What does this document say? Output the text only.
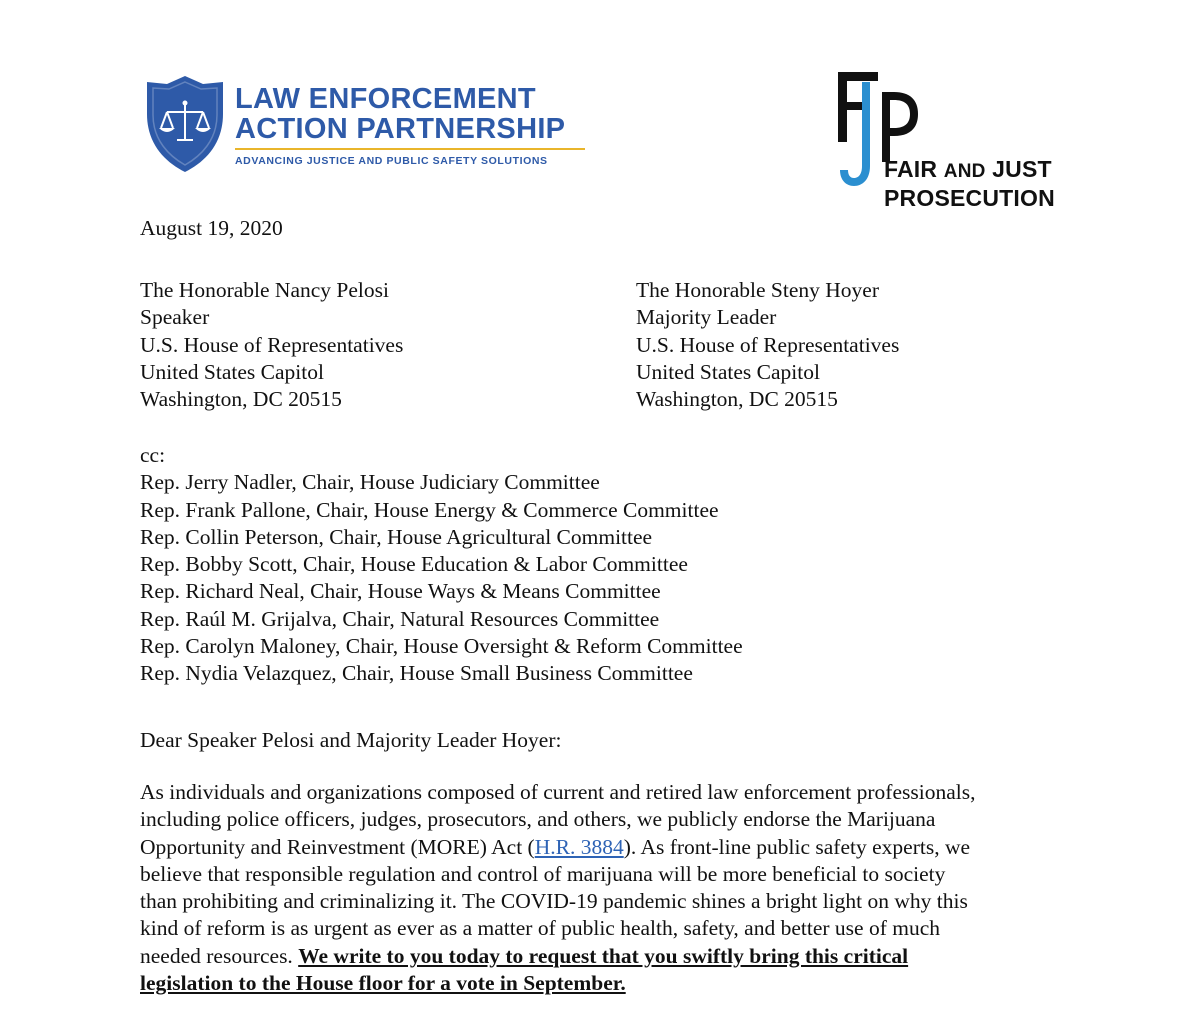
LAW ENFORCEMENT
ACTION PARTNERSHIP
ADVANCING JUSTICE AND PUBLIC SAFETY SOLUTIONS	FAIR AND JUST
PROSECUTION
August 19, 2020
The Honorable Nancy Pelosi
Speaker
U.S. House of Representatives
United States Capitol
Washington, DC 20515
The Honorable Steny Hoyer
Majority Leader
U.S. House of Representatives
United States Capitol
Washington, DC 20515
cc:
Rep. Jerry Nadler, Chair, House Judiciary Committee
Rep. Frank Pallone, Chair, House Energy & Commerce Committee
Rep. Collin Peterson, Chair, House Agricultural Committee
Rep. Bobby Scott, Chair, House Education & Labor Committee
Rep. Richard Neal, Chair, House Ways & Means Committee
Rep. Raúl M. Grijalva, Chair, Natural Resources Committee
Rep. Carolyn Maloney, Chair, House Oversight & Reform Committee
Rep. Nydia Velazquez, Chair, House Small Business Committee
Dear Speaker Pelosi and Majority Leader Hoyer:
As individuals and organizations composed of current and retired law enforcement professionals,
including police officers, judges, prosecutors, and others, we publicly endorse the Marijuana
Opportunity and Reinvestment (MORE) Act (H.R. 3884). As front-line public safety experts, we
believe that responsible regulation and control of marijuana will be more beneficial to society
than prohibiting and criminalizing it. The COVID-19 pandemic shines a bright light on why this
kind of reform is as urgent as ever as a matter of public health, safety, and better use of much
needed resources. We write to you today to request that you swiftly bring this critical
legislation to the House floor for a vote in September.
